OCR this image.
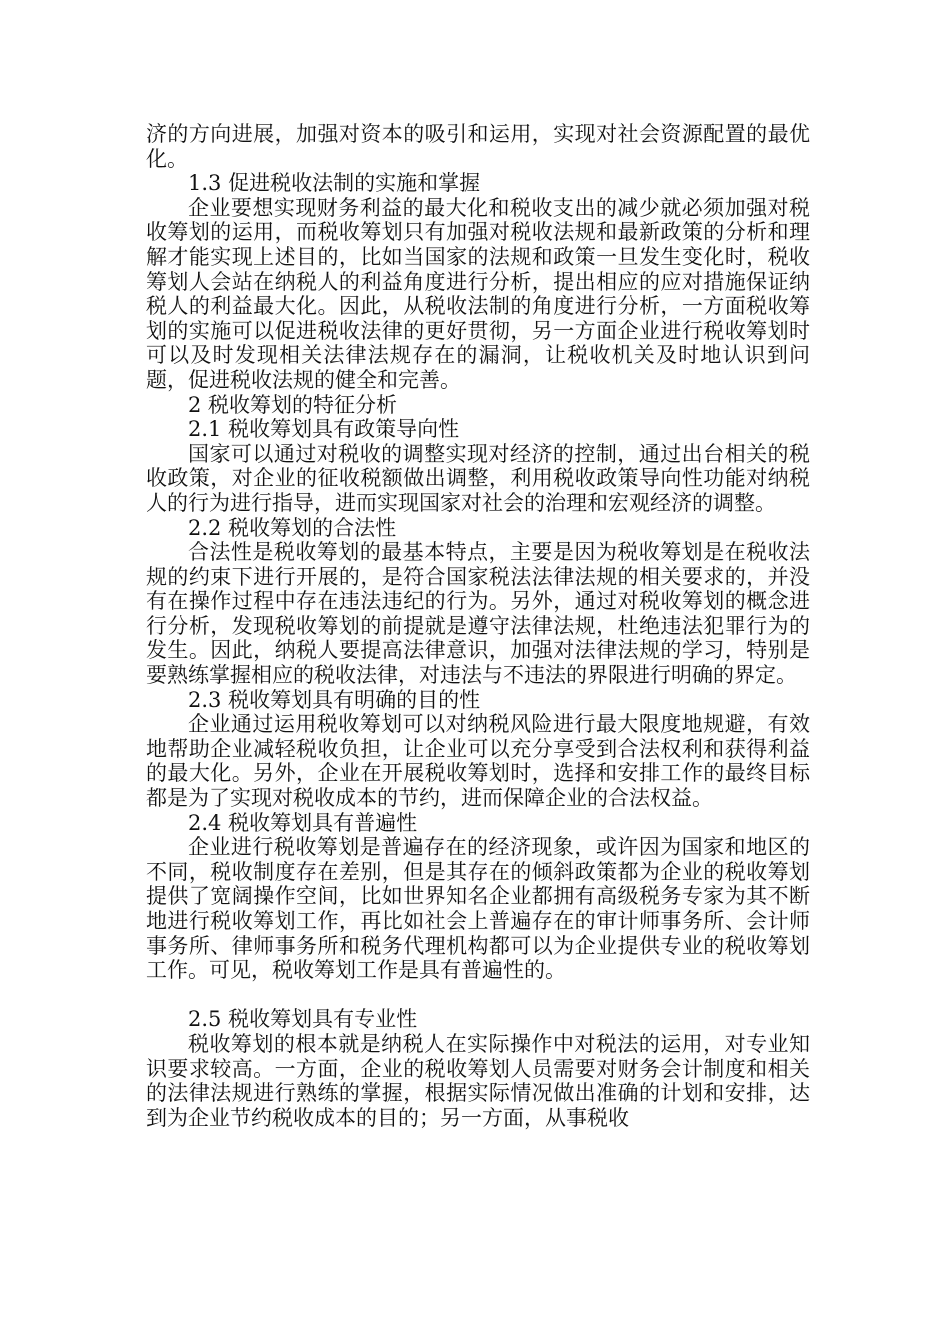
济的方向进展，加强对资本的吸引和运用，实现对社会资源配置的最优化。

1.3 促进税收法制的实施和掌握

企业要想实现财务利益的最大化和税收支出的减少就必须加强对税收筹划的运用，而税收筹划只有加强对税收法规和最新政策的分析和理解才能实现上述目的，比如当国家的法规和政策一旦发生变化时，税收筹划人会站在纳税人的利益角度进行分析，提出相应的应对措施保证纳税人的利益最大化。因此，从税收法制的角度进行分析，一方面税收筹划的实施可以促进税收法律的更好贯彻，另一方面企业进行税收筹划时可以及时发现相关法律法规存在的漏洞，让税收机关及时地认识到问题，促进税收法规的健全和完善。

2 税收筹划的特征分析

2.1 税收筹划具有政策导向性

国家可以通过对税收的调整实现对经济的控制，通过出台相关的税收政策，对企业的征收税额做出调整，利用税收政策导向性功能对纳税人的行为进行指导，进而实现国家对社会的治理和宏观经济的调整。

2.2 税收筹划的合法性

合法性是税收筹划的最基本特点，主要是因为税收筹划是在税收法规的约束下进行开展的，是符合国家税法法律法规的相关要求的，并没有在操作过程中存在违法违纪的行为。另外，通过对税收筹划的概念进行分析，发现税收筹划的前提就是遵守法律法规，杜绝违法犯罪行为的发生。因此，纳税人要提高法律意识，加强对法律法规的学习，特别是要熟练掌握相应的税收法律，对违法与不违法的界限进行明确的界定。

2.3 税收筹划具有明确的目的性

企业通过运用税收筹划可以对纳税风险进行最大限度地规避，有效地帮助企业减轻税收负担，让企业可以充分享受到合法权利和获得利益的最大化。另外，企业在开展税收筹划时，选择和安排工作的最终目标都是为了实现对税收成本的节约，进而保障企业的合法权益。

2.4 税收筹划具有普遍性

企业进行税收筹划是普遍存在的经济现象，或许因为国家和地区的不同，税收制度存在差别，但是其存在的倾斜政策都为企业的税收筹划提供了宽阔操作空间，比如世界知名企业都拥有高级税务专家为其不断地进行税收筹划工作，再比如社会上普遍存在的审计师事务所、会计师事务所、律师事务所和税务代理机构都可以为企业提供专业的税收筹划工作。可见，税收筹划工作是具有普遍性的。

2.5 税收筹划具有专业性

税收筹划的根本就是纳税人在实际操作中对税法的运用，对专业知识要求较高。一方面，企业的税收筹划人员需要对财务会计制度和相关的法律法规进行熟练的掌握，根据实际情况做出准确的计划和安排，达到为企业节约税收成本的目的；另一方面，从事税收
